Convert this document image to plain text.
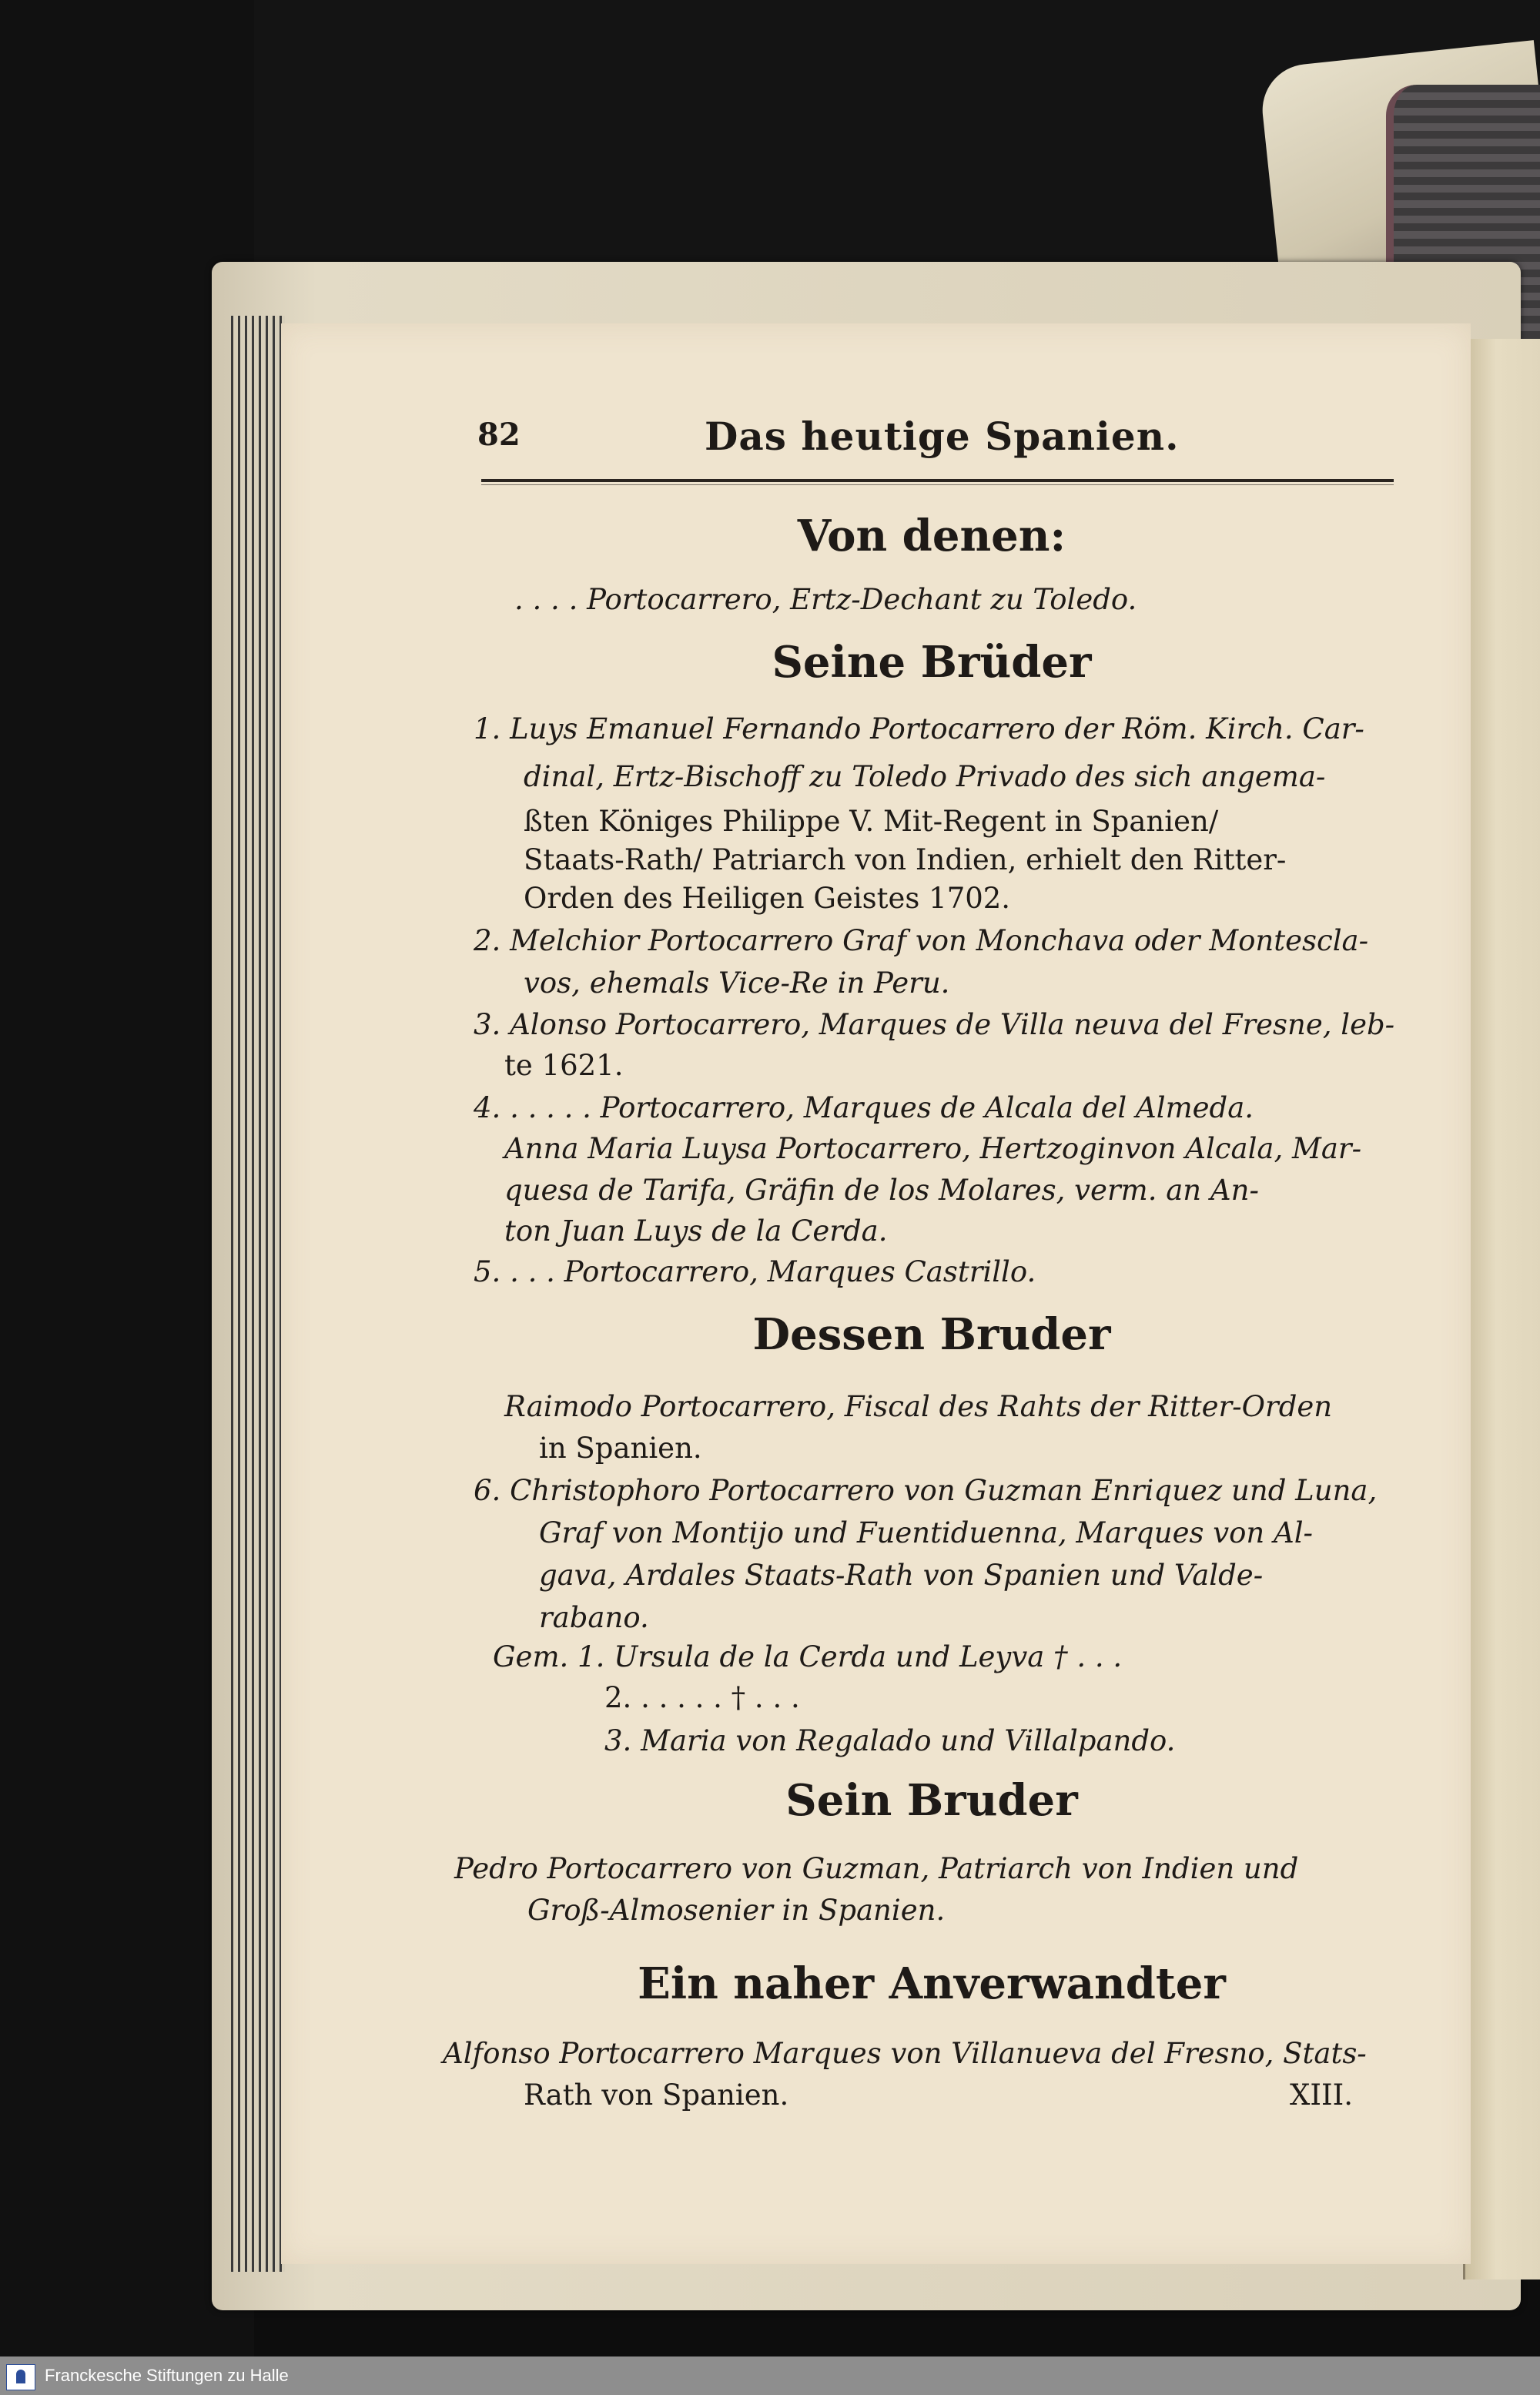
82	Das heutige Spanien.
Von denen:
. . . . Portocarrero, Ertz-Dechant zu Toledo.
Seine Brüder
1. Luys Emanuel Fernando Portocarrero der Röm. Kirch. Car-
dinal, Ertz-Bischoff zu Toledo Privado des sich angema-
ßten Königes Philippe V. Mit-Regent in Spanien/
Staats-Rath/ Patriarch von Indien, erhielt den Ritter-
Orden des Heiligen Geistes 1702.
2. Melchior Portocarrero Graf von Monchava oder Montescla-
vos, ehemals Vice-Re in Peru.
3. Alonso Portocarrero, Marques de Villa neuva del Fresne, leb-
te 1621.
4. . . . . . Portocarrero, Marques de Alcala del Almeda.
Anna Maria Luysa Portocarrero, Hertzoginvon Alcala, Mar-
quesa de Tarifa, Gräfin de los Molares, verm. an An-
ton Juan Luys de la Cerda.
5. . . . Portocarrero, Marques Castrillo.
Dessen Bruder
Raimodo Portocarrero, Fiscal des Rahts der Ritter-Orden
in Spanien.
6. Christophoro Portocarrero von Guzman Enriquez und Luna,
Graf von Montijo und Fuentiduenna, Marques von Al-
gava, Ardales Staats-Rath von Spanien und Valde-
rabano.
Gem. 1. Ursula de la Cerda und Leyva † . . .
2. . . . . . † . . .
3. Maria von Regalado und Villalpando.
Sein Bruder
Pedro Portocarrero von Guzman, Patriarch von Indien und
Groß-Almosenier in Spanien.
Ein naher Anverwandter
Alfonso Portocarrero Marques von Villanueva del Fresno, Stats-
Rath von Spanien.	XIII.
Franckesche Stiftungen zu Halle
